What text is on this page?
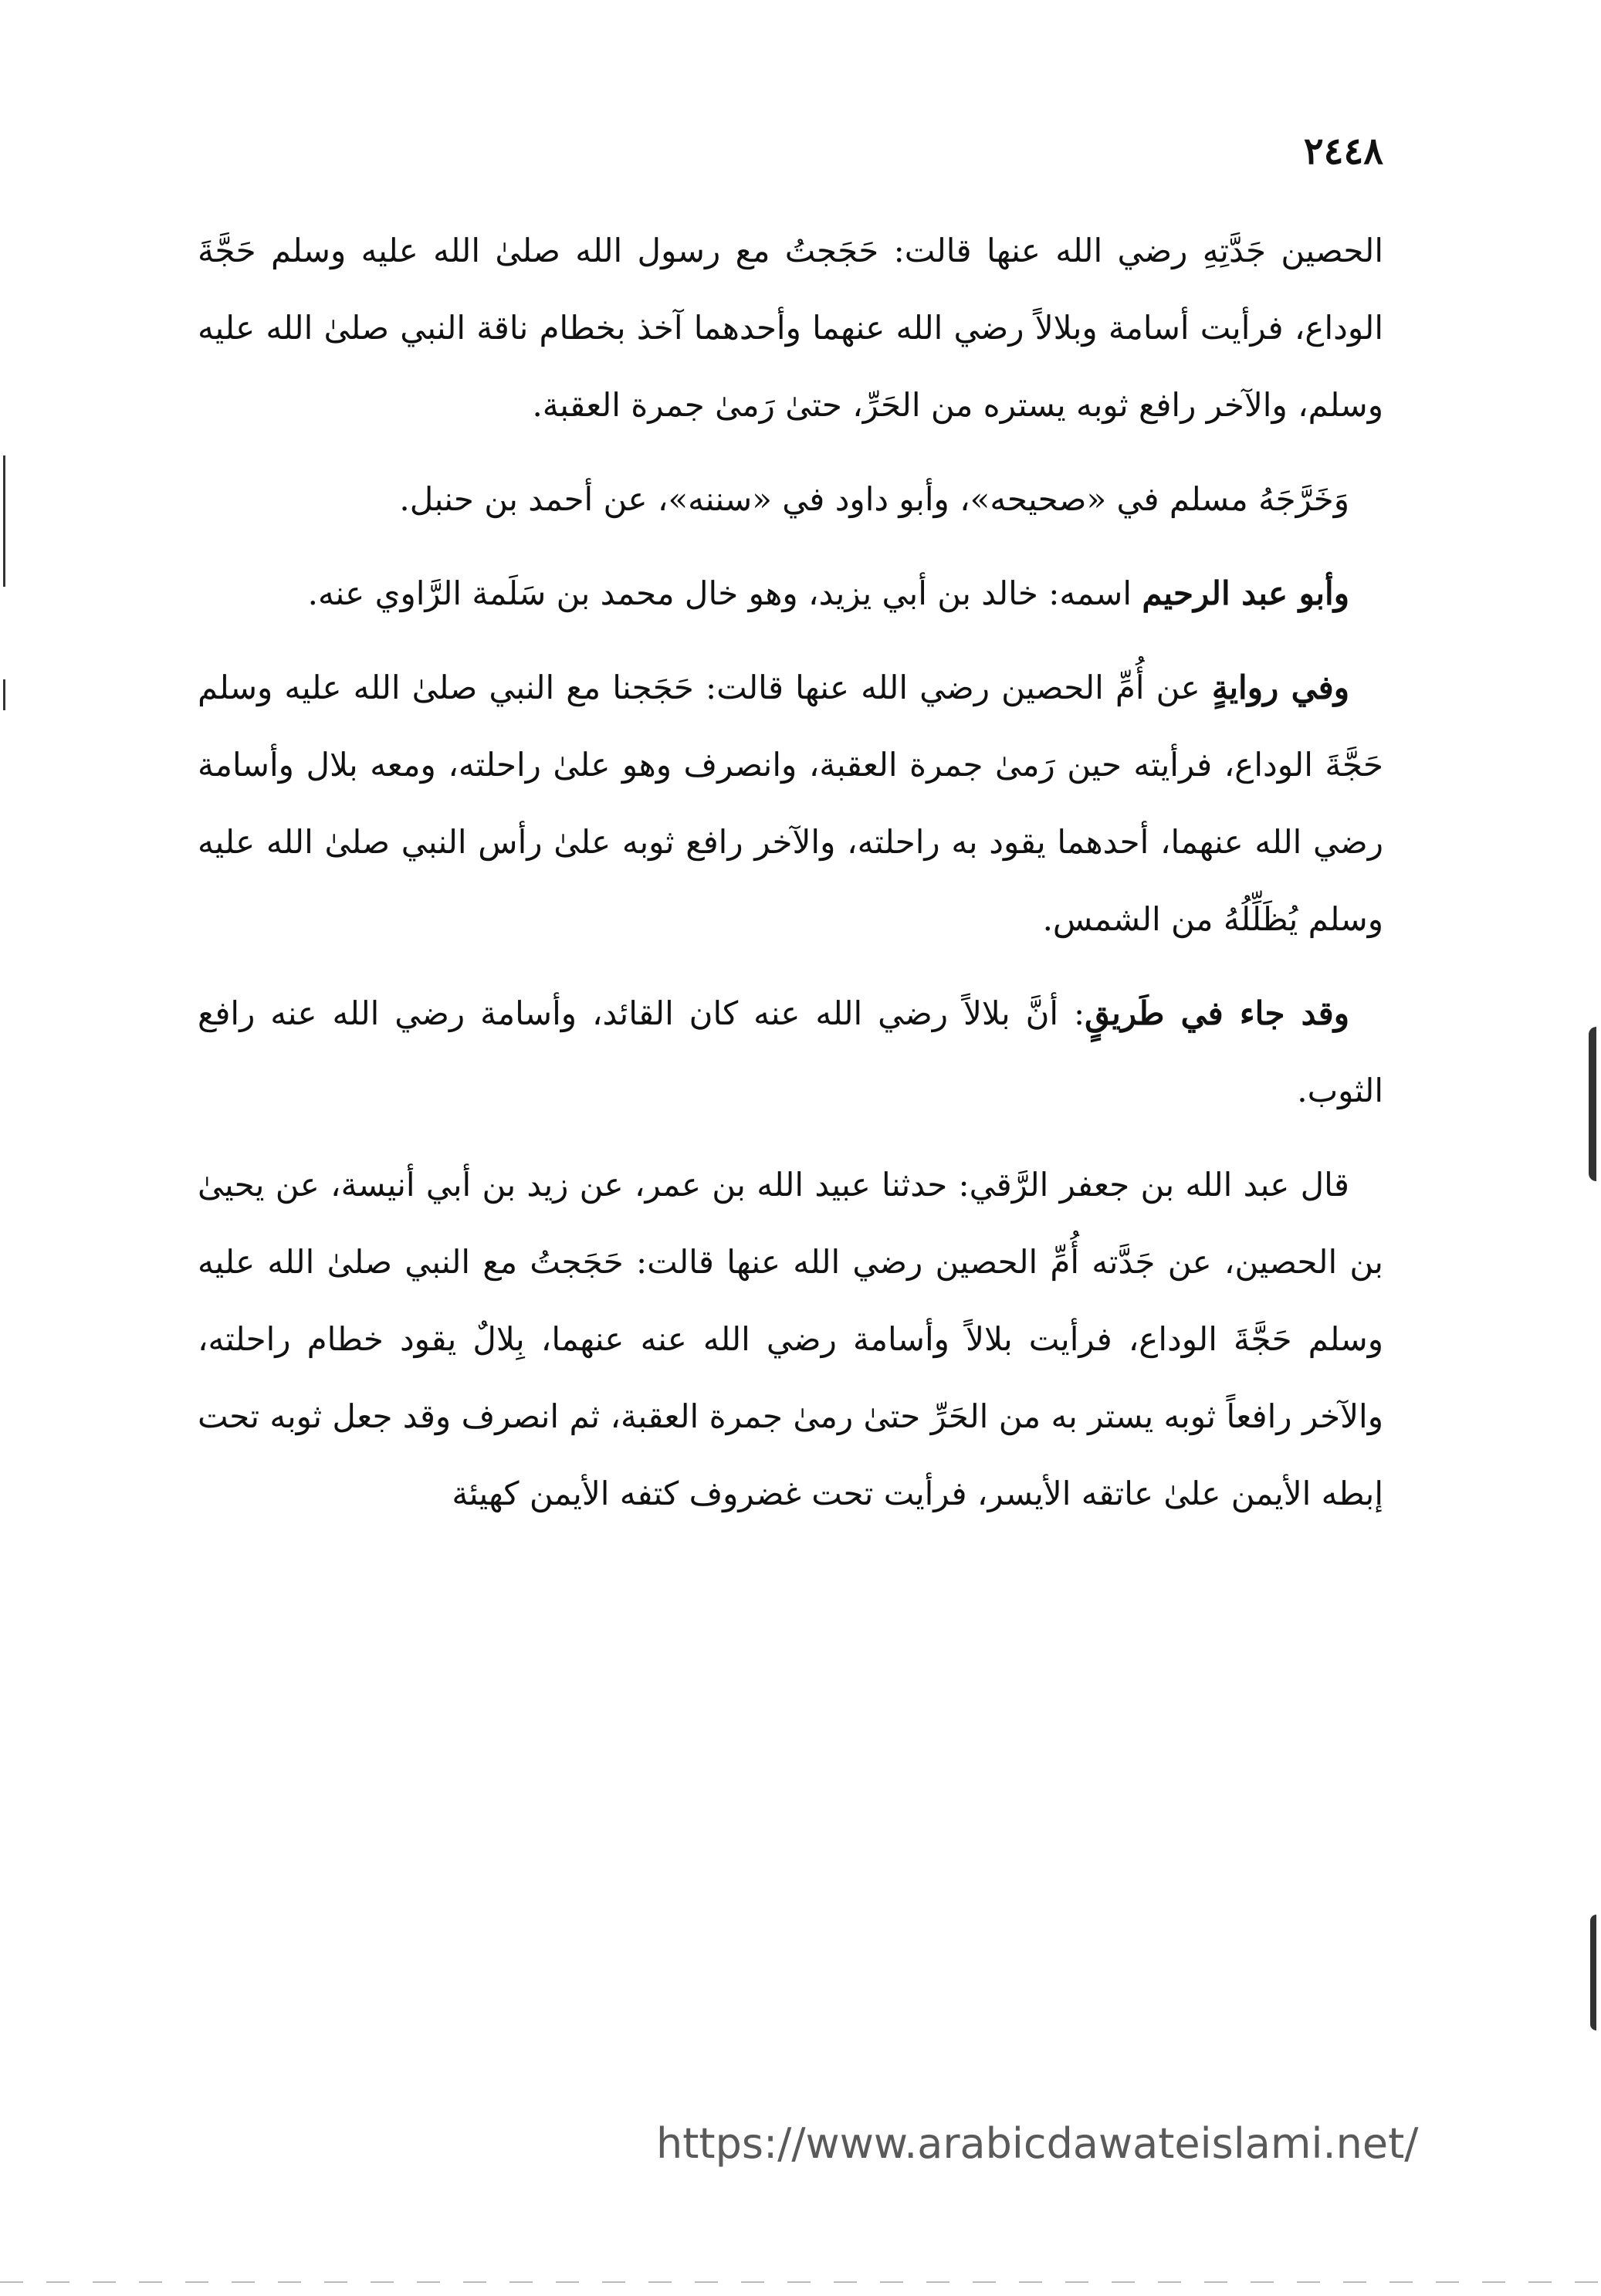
٢٤٤٨

الحصين جَدَّتِهِ رضي الله عنها قالت: حَجَجتُ مع رسول الله صلىٰ الله عليه وسلم حَجَّةَ الوداع، فرأيت أسامة وبلالاً رضي الله عنهما وأحدهما آخذ بخطام ناقة النبي صلىٰ الله عليه وسلم، والآخر رافع ثوبه يستره من الحَرِّ، حتىٰ رَمىٰ جمرة العقبة.

وَخَرَّجَهُ مسلم في «صحيحه»، وأبو داود في «سننه»، عن أحمد بن حنبل.

وأبو عبد الرحيم اسمه: خالد بن أبي يزيد، وهو خال محمد بن سَلَمة الرَّاوي عنه.

وفي روايةٍ عن أُمِّ الحصين رضي الله عنها قالت: حَجَجنا مع النبي صلىٰ الله عليه وسلم حَجَّةَ الوداع، فرأيته حين رَمىٰ جمرة العقبة، وانصرف وهو علىٰ راحلته، ومعه بلال وأسامة رضي الله عنهما، أحدهما يقود به راحلته، والآخر رافع ثوبه علىٰ رأس النبي صلىٰ الله عليه وسلم يُظَلِّلُهُ من الشمس.

وقد جاء في طَريقٍ: أنَّ بلالاً رضي الله عنه كان القائد، وأسامة رضي الله عنه رافع الثوب.

قال عبد الله بن جعفر الرَّقي: حدثنا عبيد الله بن عمر، عن زيد بن أبي أنيسة، عن يحيىٰ بن الحصين، عن جَدَّته أُمِّ الحصين رضي الله عنها قالت: حَجَجتُ مع النبي صلىٰ الله عليه وسلم حَجَّةَ الوداع، فرأيت بلالاً وأسامة رضي الله عنه عنهما، بِلالٌ يقود خطام راحلته، والآخر رافعاً ثوبه يستر به من الحَرِّ حتىٰ رمىٰ جمرة العقبة، ثم انصرف وقد جعل ثوبه تحت إبطه الأيمن علىٰ عاتقه الأيسر، فرأيت تحت غضروف كتفه الأيمن كهيئة

https://www.arabicdawateislami.net/
